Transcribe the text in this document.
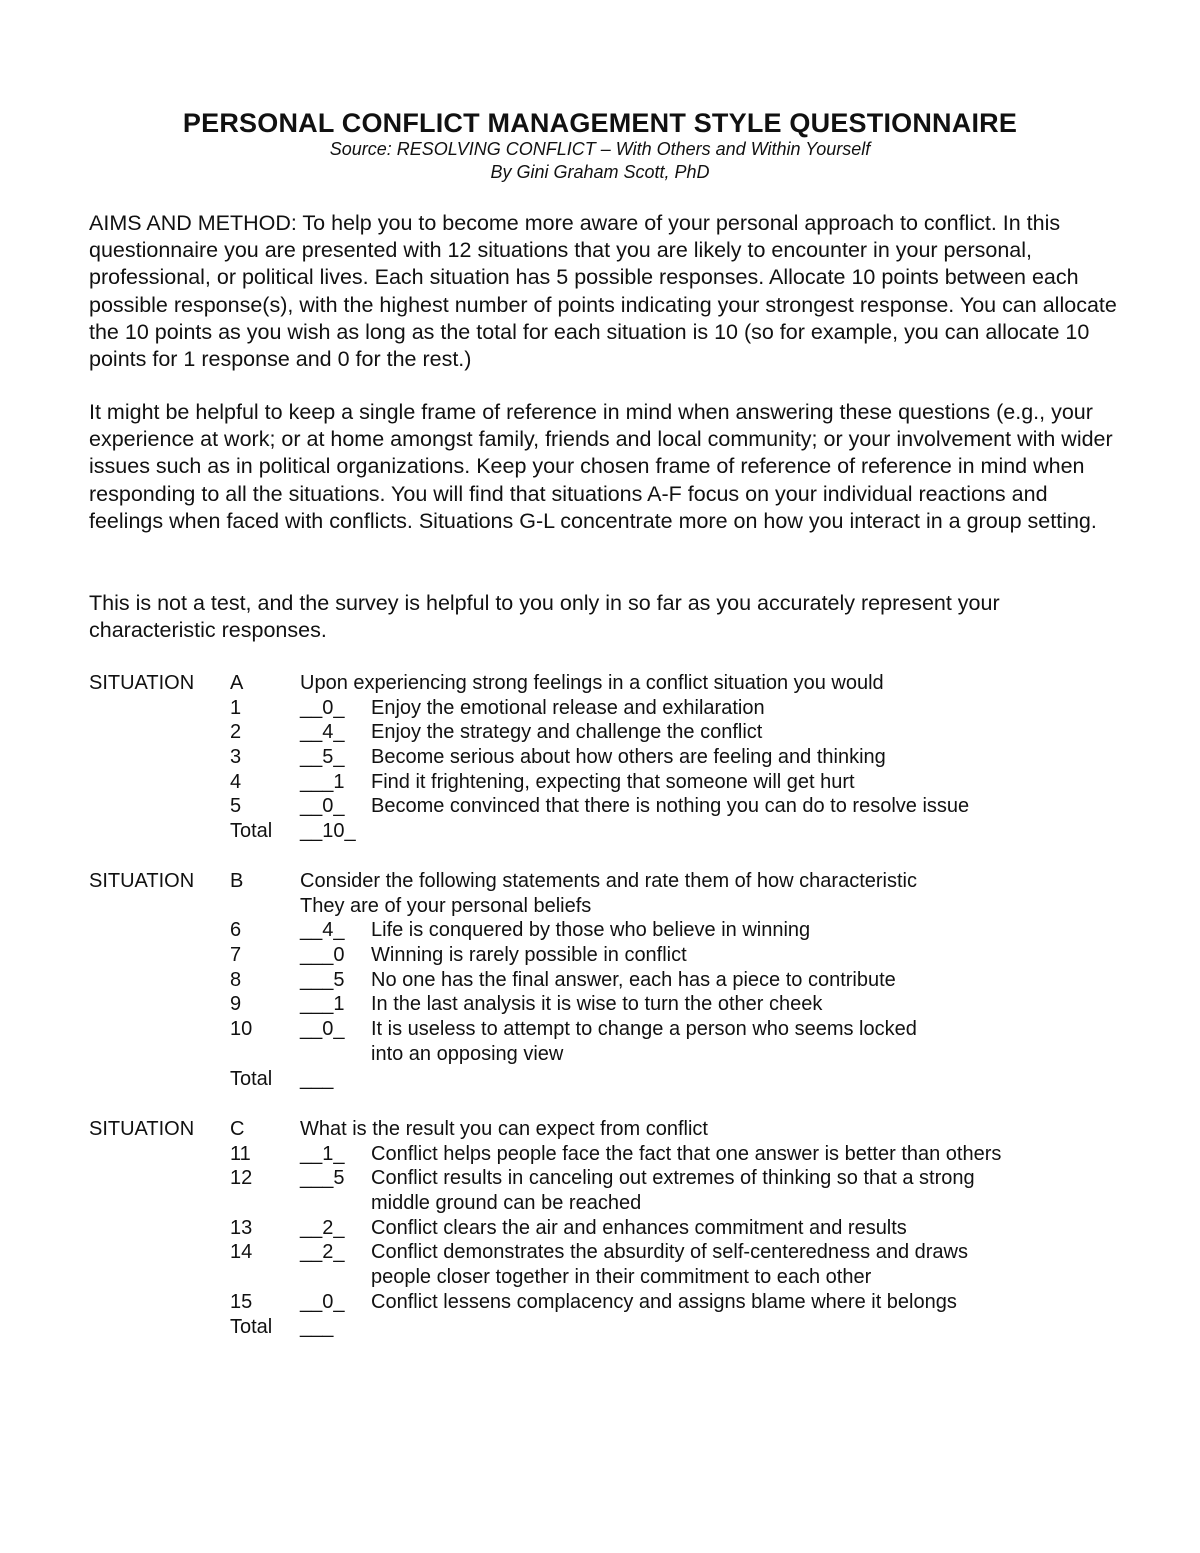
PERSONAL CONFLICT MANAGEMENT STYLE QUESTIONNAIRE
Source: RESOLVING CONFLICT – With Others and Within Yourself
By Gini Graham Scott, PhD

AIMS AND METHOD: To help you to become more aware of your personal approach to conflict. In this questionnaire you are presented with 12 situations that you are likely to encounter in your personal, professional, or political lives. Each situation has 5 possible responses. Allocate 10 points between each possible response(s), with the highest number of points indicating your strongest response. You can allocate the 10 points as you wish as long as the total for each situation is 10 (so for example, you can allocate 10 points for 1 response and 0 for the rest.)

It might be helpful to keep a single frame of reference in mind when answering these questions (e.g., your experience at work; or at home amongst family, friends and local community; or your involvement with wider issues such as in political organizations. Keep your chosen frame of reference of reference in mind when responding to all the situations. You will find that situations A-F focus on your individual reactions and feelings when faced with conflicts. Situations G-L concentrate more on how you interact in a group setting.

This is not a test, and the survey is helpful to you only in so far as you accurately represent your characteristic responses.

SITUATION A	Upon experiencing strong feelings in a conflict situation you would
1	__0_ Enjoy the emotional release and exhilaration
2	__4_ Enjoy the strategy and challenge the conflict
3	__5_ Become serious about how others are feeling and thinking
4	___1 Find it frightening, expecting that someone will get hurt
5	__0_ Become convinced that there is nothing you can do to resolve issue
Total __10_
SITUATION B	Consider the following statements and rate them of how characteristic
They are of your personal beliefs
6	__4_ Life is conquered by those who believe in winning
7	___0 Winning is rarely possible in conflict
8	___5 No one has the final answer, each has a piece to contribute
9	___1 In the last analysis it is wise to turn the other cheek
10 __0_ It is useless to attempt to change a person who seems locked
into an opposing view
Total ___
SITUATION C	What is the result you can expect from conflict
11 __1_ Conflict helps people face the fact that one answer is better than others
12 ___5 Conflict results in canceling out extremes of thinking so that a strong
middle ground can be reached
13 __2_ Conflict clears the air and enhances commitment and results
14 __2_ Conflict demonstrates the absurdity of self-centeredness and draws
people closer together in their commitment to each other
15 __0_ Conflict lessens complacency and assigns blame where it belongs
Total ___
